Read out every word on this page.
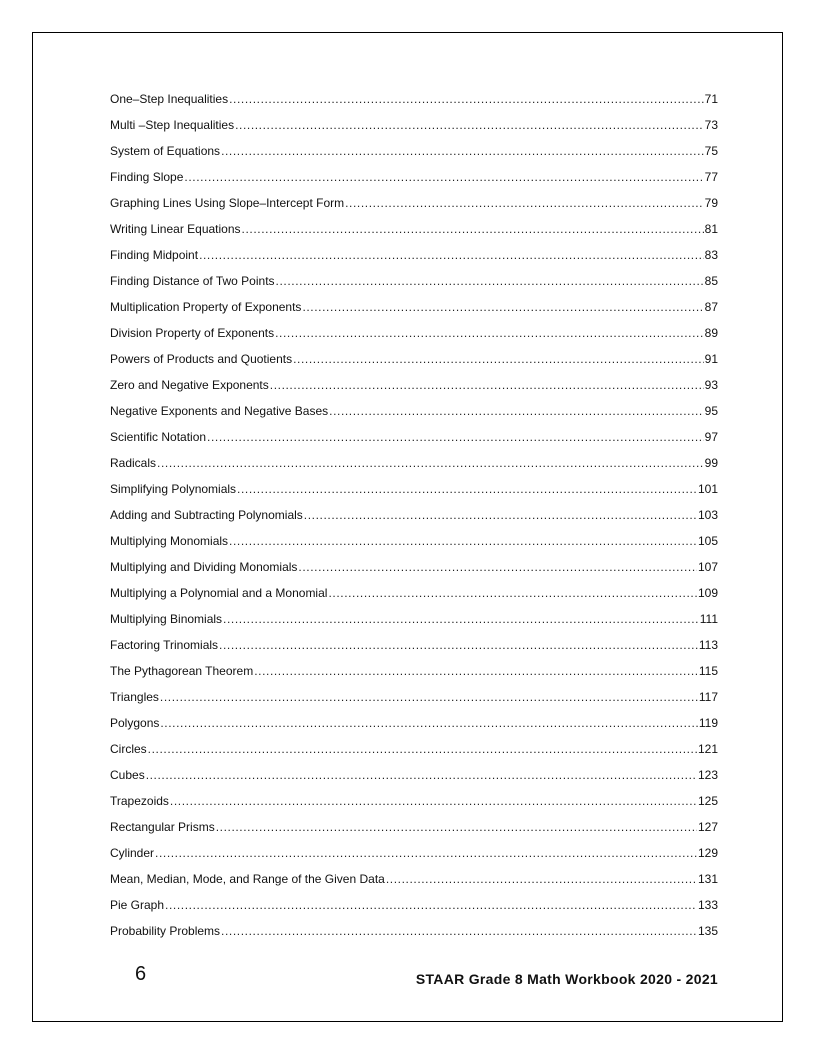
One–Step Inequalities .....	71
Multi –Step Inequalities .....	73
System of Equations .....	75
Finding Slope .....	77
Graphing Lines Using Slope–Intercept Form .....	79
Writing Linear Equations .....	81
Finding Midpoint .....	83
Finding Distance of Two Points .....	85
Multiplication Property of Exponents .....	87
Division Property of Exponents .....	89
Powers of Products and Quotients .....	91
Zero and Negative Exponents .....	93
Negative Exponents and Negative Bases .....	95
Scientific Notation .....	97
Radicals .....	99
Simplifying Polynomials .....	101
Adding and Subtracting Polynomials .....	103
Multiplying Monomials .....	105
Multiplying and Dividing Monomials .....	107
Multiplying a Polynomial and a Monomial .....	109
Multiplying Binomials .....	111
Factoring Trinomials .....	113
The Pythagorean Theorem .....	115
Triangles .....	117
Polygons .....	119
Circles .....	121
Cubes .....	123
Trapezoids .....	125
Rectangular Prisms .....	127
Cylinder .....	129
Mean, Median, Mode, and Range of the Given Data .....	131
Pie Graph .....	133
Probability Problems .....	135
6	STAAR Grade 8 Math Workbook 2020 - 2021
